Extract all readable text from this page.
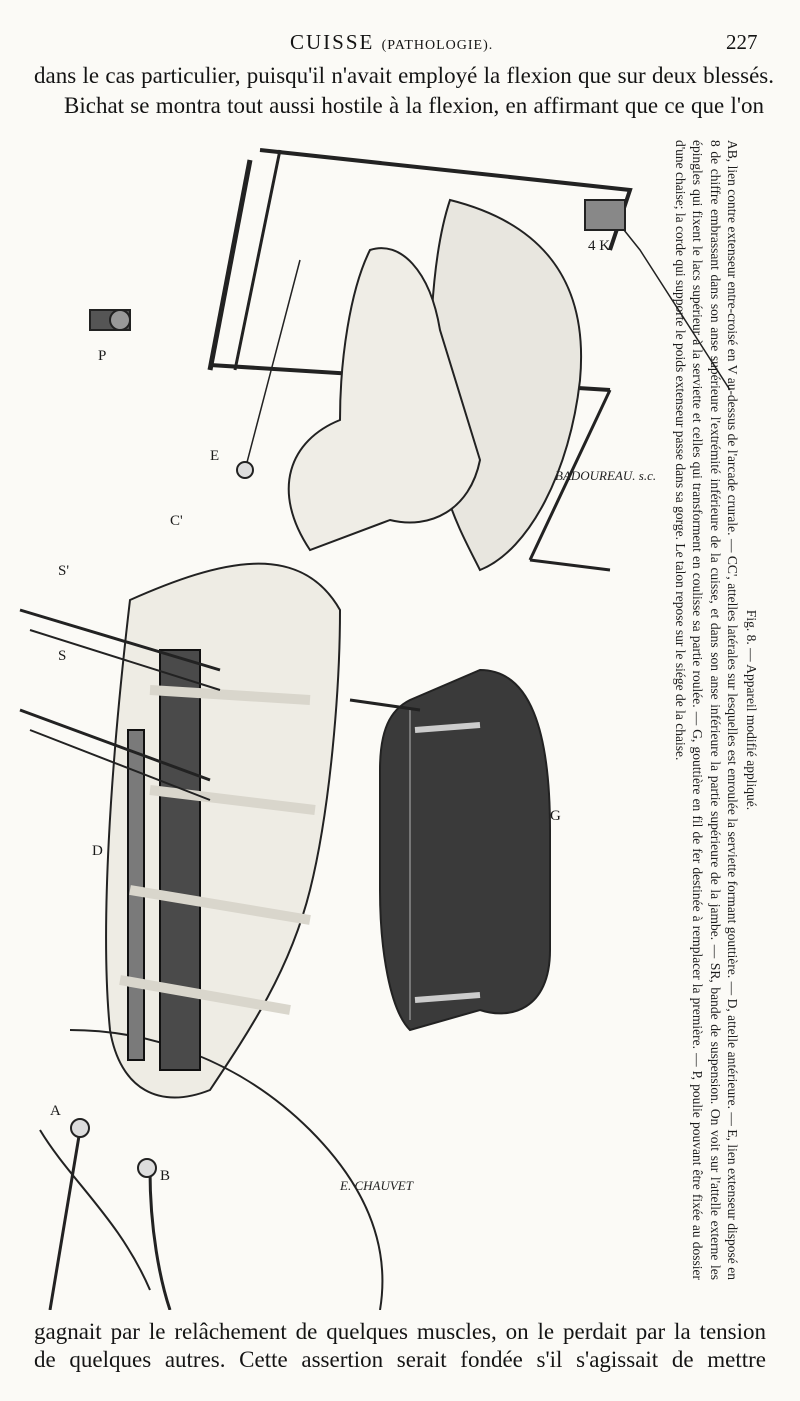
CUISSE (PATHOLOGIE).	227
dans le cas particulier, puisqu'il n'avait employé la flexion que sur deux blessés.
Bichat se montra tout aussi hostile à la flexion, en affirmant que ce que l'on
P
E
C'
S'
S
D
G
A
B
4 K
E. CHAUVET
BADOUREAU. s.c.
Fig. 8. — Appareil modifié appliqué.
AB, lien contre extenseur entre-croisé en V au-dessus de l'arcade crurale. — CC', attelles latérales sur lesquelles est enroulée la serviette formant gouttière. — D, attelle antérieure. — E, lien extenseur disposé en 8 de chiffre embrassant dans son anse supérieure l'extrémité inférieure de la cuisse, et dans son anse inférieure la partie supérieure de la jambe. — SR, bande de suspension. On voit sur l'attelle externe les épingles qui fixent le lacs supérieur à la serviette et celles qui transforment en coulisse sa partie roulée. — G, gouttière en fil de fer destinée à remplacer la première. — P, poulie pouvant être fixée au dossier d'une chaise; la corde qui supporte le poids extenseur passe dans sa gorge. Le talon repose sur le siége de la chaise.
gagnait par le relâchement de quelques muscles, on le perdait par la tension
de quelques autres. Cette assertion serait fondée s'il s'agissait de mettre
